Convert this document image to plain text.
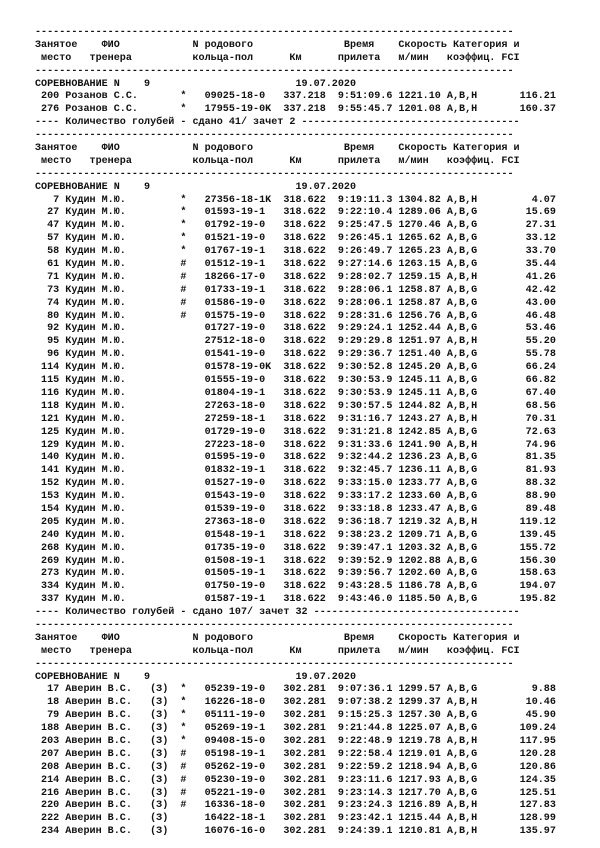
-------------------------------------------------------------------------------
Занятое    ФИО            N родового               Время    Скорость Категория и
место   тренера          кольца-пол      Км      прилета   м/мин   коэффиц. FCI
-------------------------------------------------------------------------------
СОРЕВНОВАНИЕ N    9                        19.07.2020
200 Розанов С.С.       *   09025-18-0   337.218  9:51:09.6 1221.10 A,B,H       116.21
276 Розанов С.С.       *   17955-19-0K  337.218  9:55:45.7 1201.08 A,B,H       160.37
---- Количество голубей - сдано 41/ зачет 2 ------------------------------------
-------------------------------------------------------------------------------
Занятое    ФИО            N родового               Время    Скорость Категория и
место   тренера          кольца-пол      Км      прилета   м/мин   коэффиц. FCI
-------------------------------------------------------------------------------
СОРЕВНОВАНИЕ N    9                        19.07.2020
7 Кудин М.Ю.         *   27356-18-1K  318.622  9:19:11.3 1304.82 A,B,H         4.07
27 Кудин М.Ю.         *   01593-19-1   318.622  9:22:10.4 1289.06 A,B,G        15.69
47 Кудин М.Ю.         *   01792-19-0   318.622  9:25:47.5 1270.46 A,B,G        27.31
57 Кудин М.Ю.         *   01521-19-0   318.622  9:26:45.1 1265.62 A,B,G        33.12
58 Кудин М.Ю.         *   01767-19-1   318.622  9:26:49.7 1265.23 A,B,G        33.70
61 Кудин М.Ю.         #   01512-19-1   318.622  9:27:14.6 1263.15 A,B,G        35.44
71 Кудин М.Ю.         #   18266-17-0   318.622  9:28:02.7 1259.15 A,B,H        41.26
73 Кудин М.Ю.         #   01733-19-1   318.622  9:28:06.1 1258.87 A,B,G        42.42
74 Кудин М.Ю.         #   01586-19-0   318.622  9:28:06.1 1258.87 A,B,G        43.00
80 Кудин М.Ю.         #   01575-19-0   318.622  9:28:31.6 1256.76 A,B,G        46.48
92 Кудин М.Ю.             01727-19-0   318.622  9:29:24.1 1252.44 A,B,G        53.46
95 Кудин М.Ю.             27512-18-0   318.622  9:29:29.8 1251.97 A,B,H        55.20
96 Кудин М.Ю.             01541-19-0   318.622  9:29:36.7 1251.40 A,B,G        55.78
114 Кудин М.Ю.             01578-19-0K  318.622  9:30:52.8 1245.20 A,B,G        66.24
115 Кудин М.Ю.             01555-19-0   318.622  9:30:53.9 1245.11 A,B,G        66.82
116 Кудин М.Ю.             01804-19-1   318.622  9:30:53.9 1245.11 A,B,G        67.40
118 Кудин М.Ю.             27263-18-0   318.622  9:30:57.5 1244.82 A,B,H        68.56
121 Кудин М.Ю.             27259-18-1   318.622  9:31:16.7 1243.27 A,B,H        70.31
125 Кудин М.Ю.             01729-19-0   318.622  9:31:21.8 1242.85 A,B,G        72.63
129 Кудин М.Ю.             27223-18-0   318.622  9:31:33.6 1241.90 A,B,H        74.96
140 Кудин М.Ю.             01595-19-0   318.622  9:32:44.2 1236.23 A,B,G        81.35
141 Кудин М.Ю.             01832-19-1   318.622  9:32:45.7 1236.11 A,B,G        81.93
152 Кудин М.Ю.             01527-19-0   318.622  9:33:15.0 1233.77 A,B,G        88.32
153 Кудин М.Ю.             01543-19-0   318.622  9:33:17.2 1233.60 A,B,G        88.90
154 Кудин М.Ю.             01539-19-0   318.622  9:33:18.8 1233.47 A,B,G        89.48
205 Кудин М.Ю.             27363-18-0   318.622  9:36:18.7 1219.32 A,B,H       119.12
240 Кудин М.Ю.             01548-19-1   318.622  9:38:23.2 1209.71 A,B,G       139.45
268 Кудин М.Ю.             01735-19-0   318.622  9:39:47.1 1203.32 A,B,G       155.72
269 Кудин М.Ю.             01508-19-1   318.622  9:39:52.9 1202.88 A,B,G       156.30
273 Кудин М.Ю.             01505-19-1   318.622  9:39:56.7 1202.60 A,B,G       158.63
334 Кудин М.Ю.             01750-19-0   318.622  9:43:28.5 1186.78 A,B,G       194.07
337 Кудин М.Ю.             01587-19-1   318.622  9:43:46.0 1185.50 A,B,G       195.82
---- Количество голубей - сдано 107/ зачет 32 ----------------------------------
-------------------------------------------------------------------------------
Занятое    ФИО            N родового               Время    Скорость Категория и
место   тренера          кольца-пол      Км      прилета   м/мин   коэффиц. FCI
-------------------------------------------------------------------------------
СОРЕВНОВАНИЕ N    9                        19.07.2020
17 Аверин В.С.   (З)  *   05239-19-0   302.281  9:07:36.1 1299.57 A,B,G         9.88
18 Аверин В.С.   (З)  *   16226-18-0   302.281  9:07:38.2 1299.37 A,B,H        10.46
79 Аверин В.С.   (З)  *   05111-19-0   302.281  9:15:25.3 1257.30 A,B,G        45.90
188 Аверин В.С.   (З)  *   05269-19-1   302.281  9:21:44.8 1225.07 A,B,G       109.24
203 Аверин В.С.   (З)  *   09408-15-0   302.281  9:22:48.9 1219.78 A,B,H       117.95
207 Аверин В.С.   (З)  #   05198-19-1   302.281  9:22:58.4 1219.01 A,B,G       120.28
208 Аверин В.С.   (З)  #   05262-19-0   302.281  9:22:59.2 1218.94 A,B,G       120.86
214 Аверин В.С.   (З)  #   05230-19-0   302.281  9:23:11.6 1217.93 A,B,G       124.35
216 Аверин В.С.   (З)  #   05221-19-0   302.281  9:23:14.3 1217.70 A,B,G       125.51
220 Аверин В.С.   (З)  #   16336-18-0   302.281  9:23:24.3 1216.89 A,B,H       127.83
222 Аверин В.С.   (З)      16422-18-1   302.281  9:23:42.1 1215.44 A,B,H       128.99
234 Аверин В.С.   (З)      16076-16-0   302.281  9:24:39.1 1210.81 A,B,H       135.97
